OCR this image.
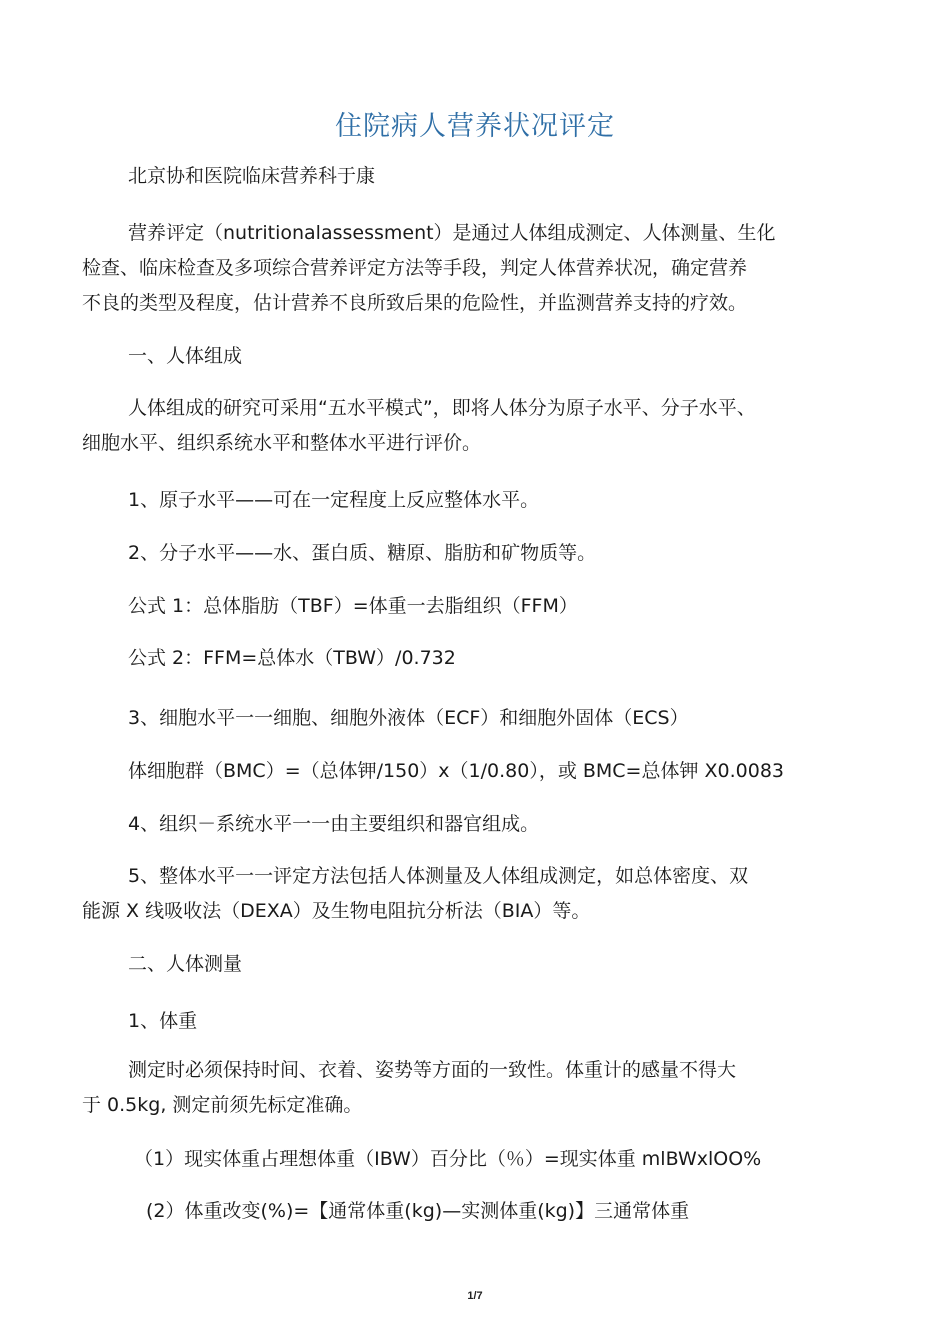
住院病人营养状况评定
北京协和医院临床营养科于康
营养评定（nutritionalassessment）是通过人体组成测定、人体测量、生化
检查、临床检查及多项综合营养评定方法等手段，判定人体营养状况，确定营养
不良的类型及程度，估计营养不良所致后果的危险性，并监测营养支持的疗效。
一、人体组成
人体组成的研究可采用“五水平模式”，即将人体分为原子水平、分子水平、
细胞水平、组织系统水平和整体水平进行评价。
1、原子水平——可在一定程度上反应整体水平。
2、分子水平——水、蛋白质、糖原、脂肪和矿物质等。
公式 1：总体脂肪（TBF）=体重一去脂组织（FFM）
公式 2：FFM=总体水（TBW）/0.732
3、细胞水平一一细胞、细胞外液体（ECF）和细胞外固体（ECS）
体细胞群（BMC）=（总体钾/150）x（1/0.80），或 BMC=总体钾 X0.0083
4、组织－系统水平一一由主要组织和器官组成。
5、整体水平一一评定方法包括人体测量及人体组成测定，如总体密度、双
能源 X 线吸收法（DEXA）及生物电阻抗分析法（BIA）等。
二、人体测量
1、体重
测定时必须保持时间、衣着、姿势等方面的一致性。体重计的感量不得大
于 0.5kg, 测定前须先标定准确。
（1）现实体重占理想体重（IBW）百分比（％）=现实体重 mlBWxlOO%
(2）体重改变(%)=【通常体重(kg)—实测体重(kg)】三通常体重
1/7
